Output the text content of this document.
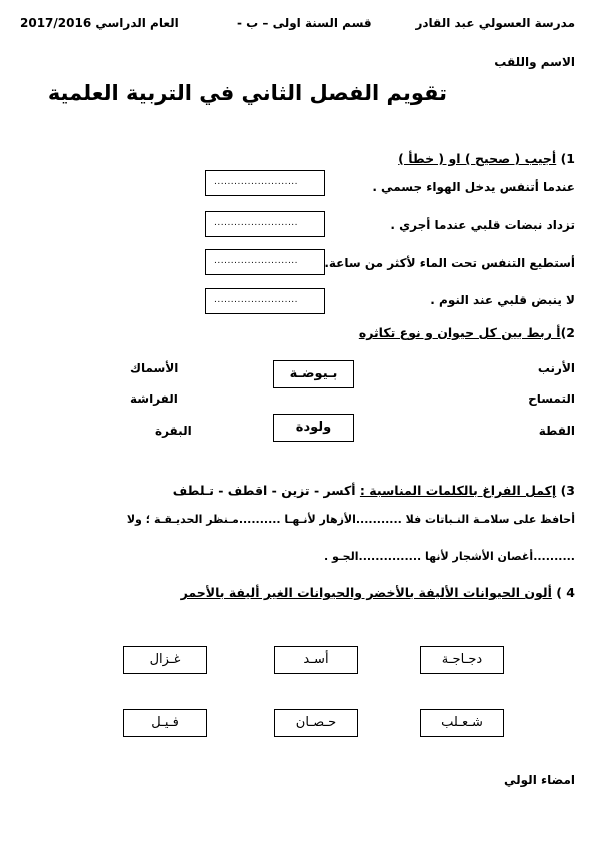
مدرسة العسولي عبد القادر
قسم السنة اولى – ب -
العام الدراسي 2017/2016
الاسم واللقب
تقويم الفصل الثاني في التربية العلمية
1) أجيب ( صحيح ) او ( خطأ )
عندما أتنفس يدخل الهواء جسمي .
.........................
تزداد نبضات قلبي عندما أجري .
.........................
أستطيع التنفس تحت الماء لأكثر من ساعة.
.........................
لا ينبض قلبي عند النوم .
.........................
2)أ ربط بين كل حيوان و نوع تكاثره
الأرنب
التمساح
القطة
الأسماك
الفراشة
البقرة
بـيوضـة
ولودة
3) إكمل الفراغ بالكلمات المناسبة : أكسر - تزين - اقطف - تـلطف
أحافظ على سلامـة النـباتات فلا ...........الأزهار لأنـهـا ..........مـنظر الحديـقـة ؛ ولا
..........أغصان الأشجار لأنها ...............الجـو .
4 ) ألون الحيوانات الأليفة بالأخضر والحيوانات الغير أليفة بالأحمر
دجـاجـة
أسـد
غـزال
شـعـلب
حـصـان
فـيـل
امضاء الولي
